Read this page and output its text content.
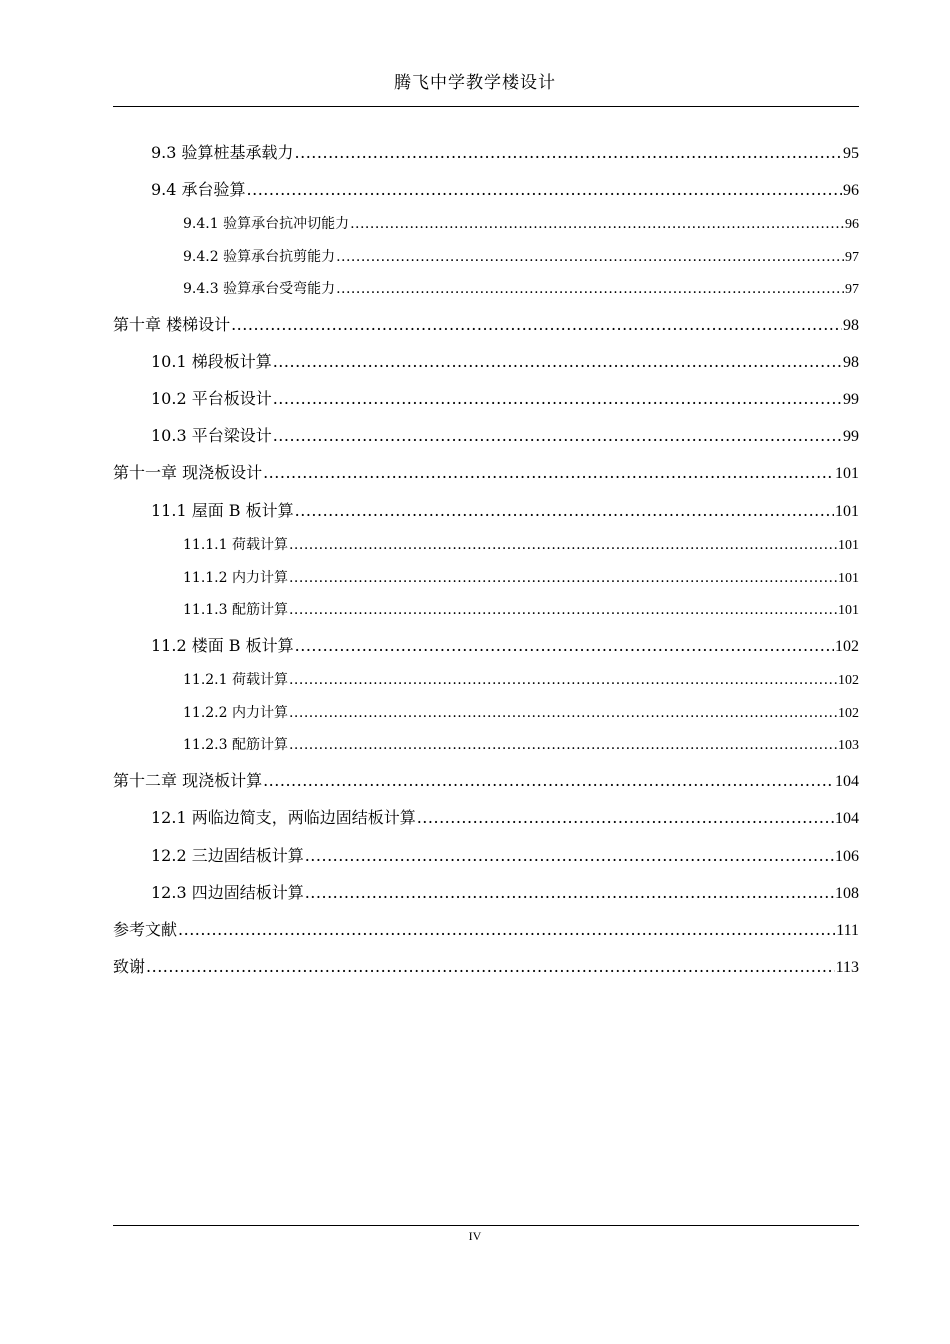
腾飞中学教学楼设计
9.3 验算桩基承载力 .....	95
9.4 承台验算 .....	96
9.4.1 验算承台抗冲切能力 .....	96
9.4.2 验算承台抗剪能力 .....	97
9.4.3 验算承台受弯能力 .....	97
第十章 楼梯设计 .....	98
10.1 梯段板计算 .....	98
10.2 平台板设计 .....	99
10.3 平台梁设计 .....	99
第十一章 现浇板设计 .....	101
11.1 屋面 B 板计算 .....	101
11.1.1 荷载计算 .....	101
11.1.2 内力计算 .....	101
11.1.3 配筋计算 .....	101
11.2 楼面 B 板计算 .....	102
11.2.1 荷载计算 .....	102
11.2.2 内力计算 .....	102
11.2.3 配筋计算 .....	103
第十二章 现浇板计算 .....	104
12.1 两临边简支，两临边固结板计算 .....	104
12.2 三边固结板计算 .....	106
12.3 四边固结板计算 .....	108
参考文献 .....	111
致谢 .....	113
IV
